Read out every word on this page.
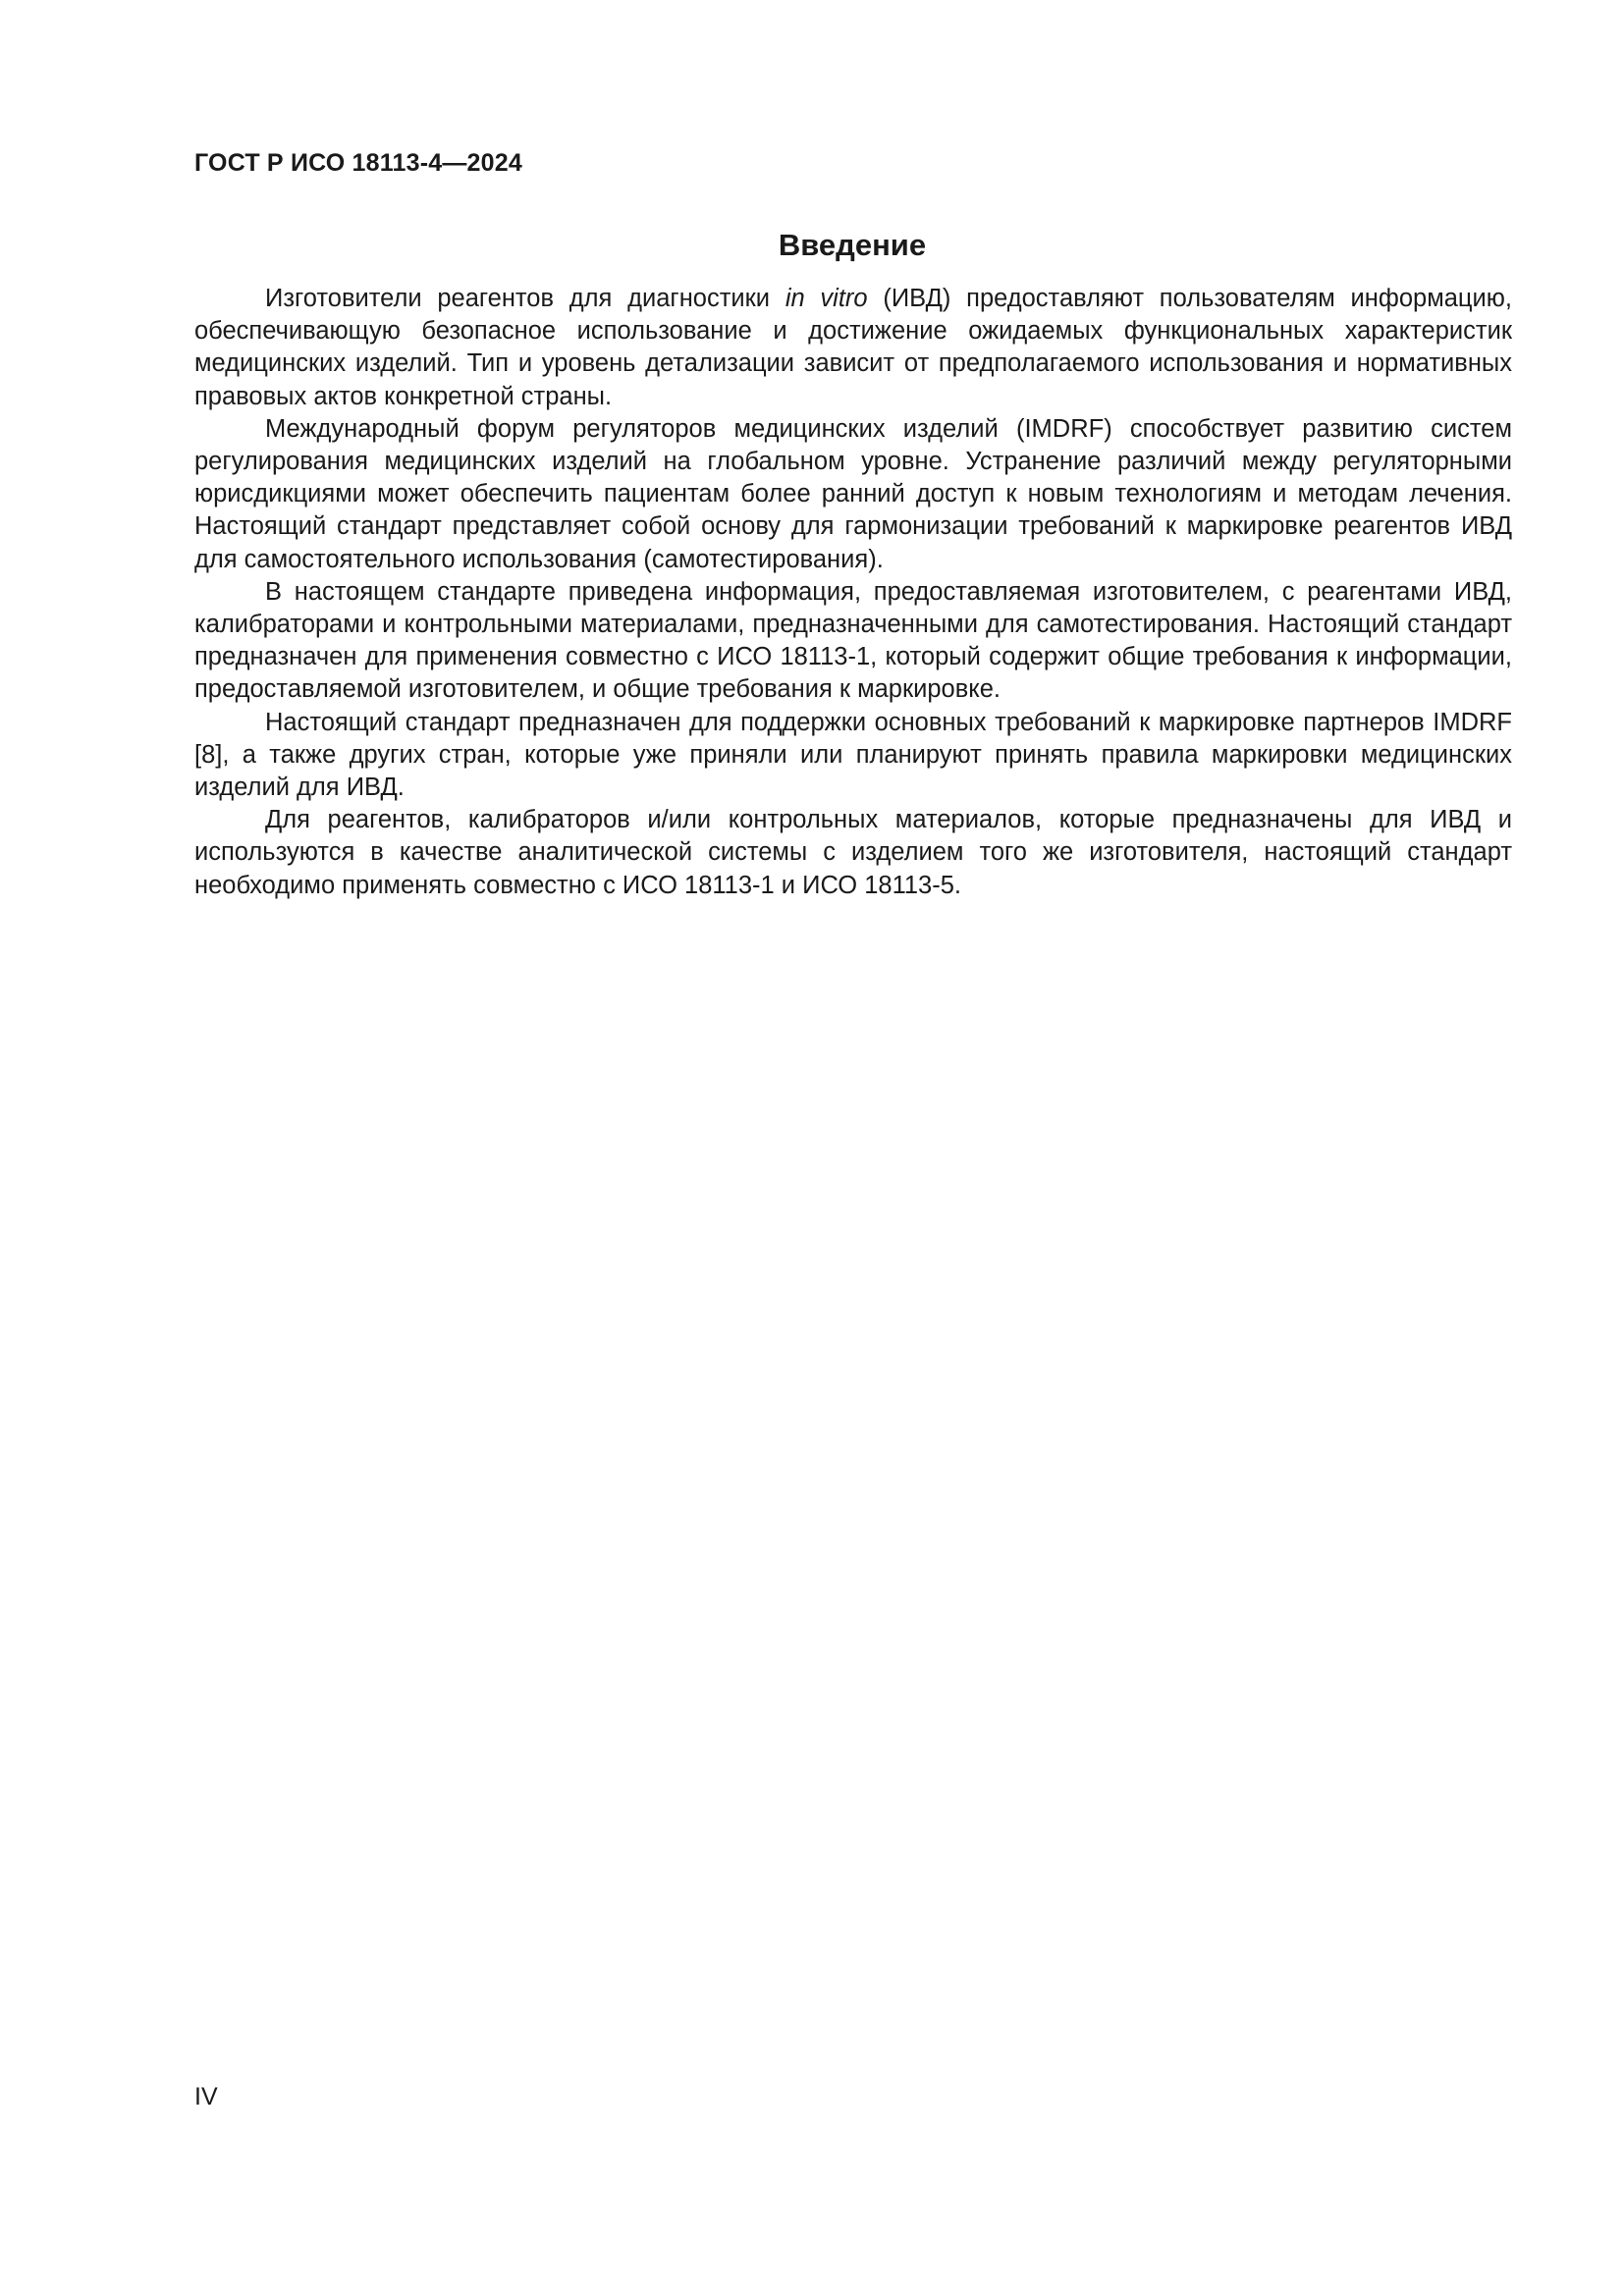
ГОСТ Р ИСО 18113-4—2024
Введение

Изготовители реагентов для диагностики in vitro (ИВД) предоставляют пользователям информацию, обеспечивающую безопасное использование и достижение ожидаемых функциональных характеристик медицинских изделий. Тип и уровень детализации зависит от предполагаемого использования и нормативных правовых актов конкретной страны.

Международный форум регуляторов медицинских изделий (IMDRF) способствует развитию систем регулирования медицинских изделий на глобальном уровне. Устранение различий между регуляторными юрисдикциями может обеспечить пациентам более ранний доступ к новым технологиям и методам лечения. Настоящий стандарт представляет собой основу для гармонизации требований к маркировке реагентов ИВД для самостоятельного использования (самотестирования).

В настоящем стандарте приведена информация, предоставляемая изготовителем, с реагентами ИВД, калибраторами и контрольными материалами, предназначенными для самотестирования. Настоящий стандарт предназначен для применения совместно с ИСО 18113-1, который содержит общие требования к информации, предоставляемой изготовителем, и общие требования к маркировке.

Настоящий стандарт предназначен для поддержки основных требований к маркировке партнеров IMDRF [8], а также других стран, которые уже приняли или планируют принять правила маркировки медицинских изделий для ИВД.

Для реагентов, калибраторов и/или контрольных материалов, которые предназначены для ИВД и используются в качестве аналитической системы с изделием того же изготовителя, настоящий стандарт необходимо применять совместно с ИСО 18113-1 и ИСО 18113-5.

IV
